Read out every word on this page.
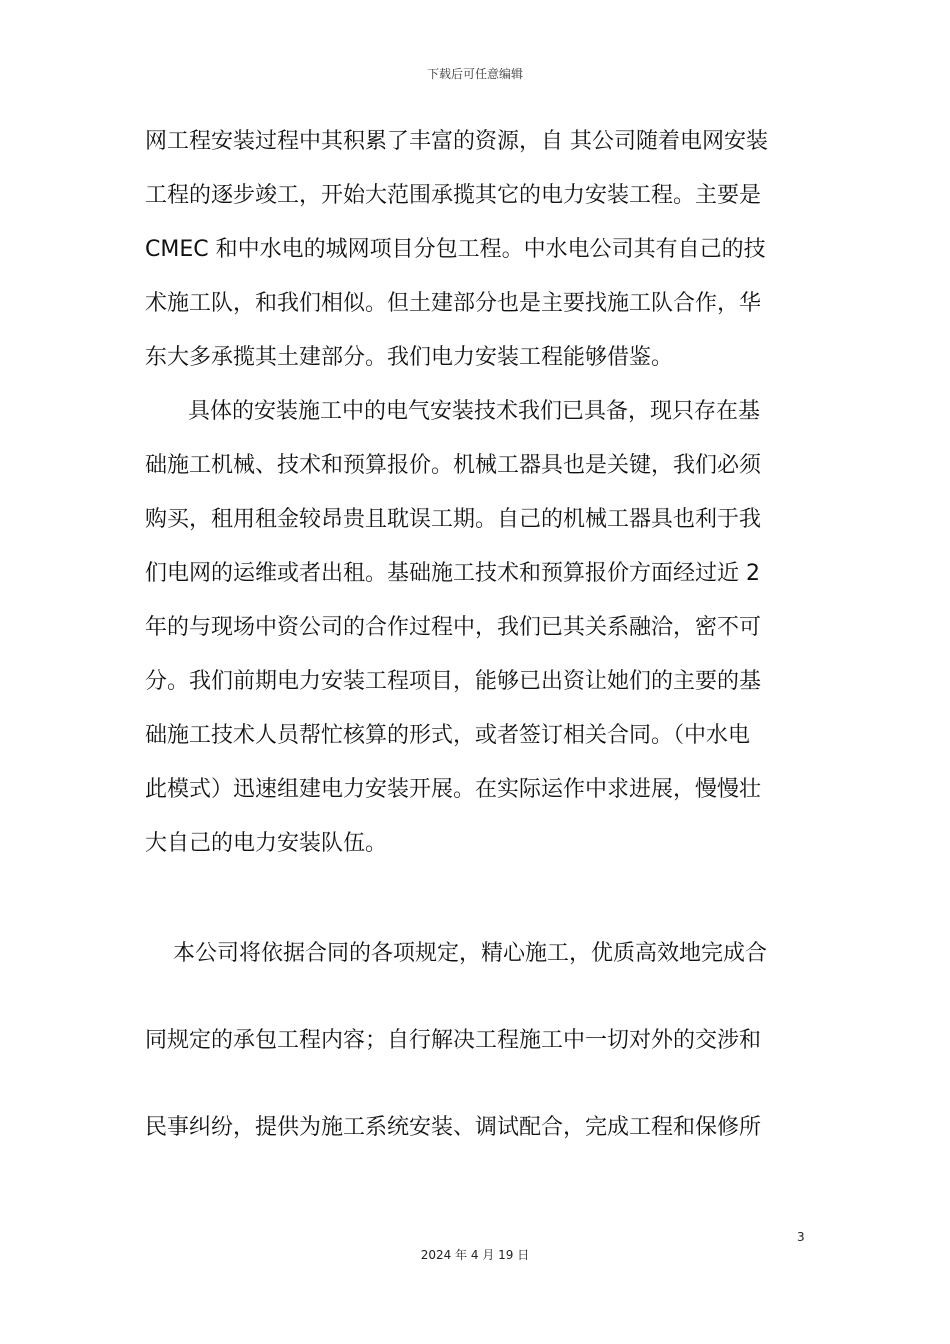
下载后可任意编辑
网工程安装过程中其积累了丰富的资源，自 其公司随着电网安装
工程的逐步竣工，开始大范围承揽其它的电力安装工程。主要是
CMEC 和中水电的城网项目分包工程。中水电公司其有自己的技
术施工队，和我们相似。但土建部分也是主要找施工队合作，华
东大多承揽其土建部分。我们电力安装工程能够借鉴。
具体的安装施工中的电气安装技术我们已具备，现只存在基
础施工机械、技术和预算报价。机械工器具也是关键，我们必须
购买，租用租金较昂贵且耽误工期。自己的机械工器具也利于我
们电网的运维或者出租。基础施工技术和预算报价方面经过近 2
年的与现场中资公司的合作过程中，我们已其关系融洽，密不可
分。我们前期电力安装工程项目，能够已出资让她们的主要的基
础施工技术人员帮忙核算的形式，或者签订相关合同。（中水电
此模式）迅速组建电力安装开展。在实际运作中求进展，慢慢壮
大自己的电力安装队伍。
本公司将依据合同的各项规定，精心施工，优质高效地完成合
同规定的承包工程内容；自行解决工程施工中一切对外的交涉和
民事纠纷，提供为施工系统安装、调试配合，完成工程和保修所
3
2024 年 4 月 19 日
